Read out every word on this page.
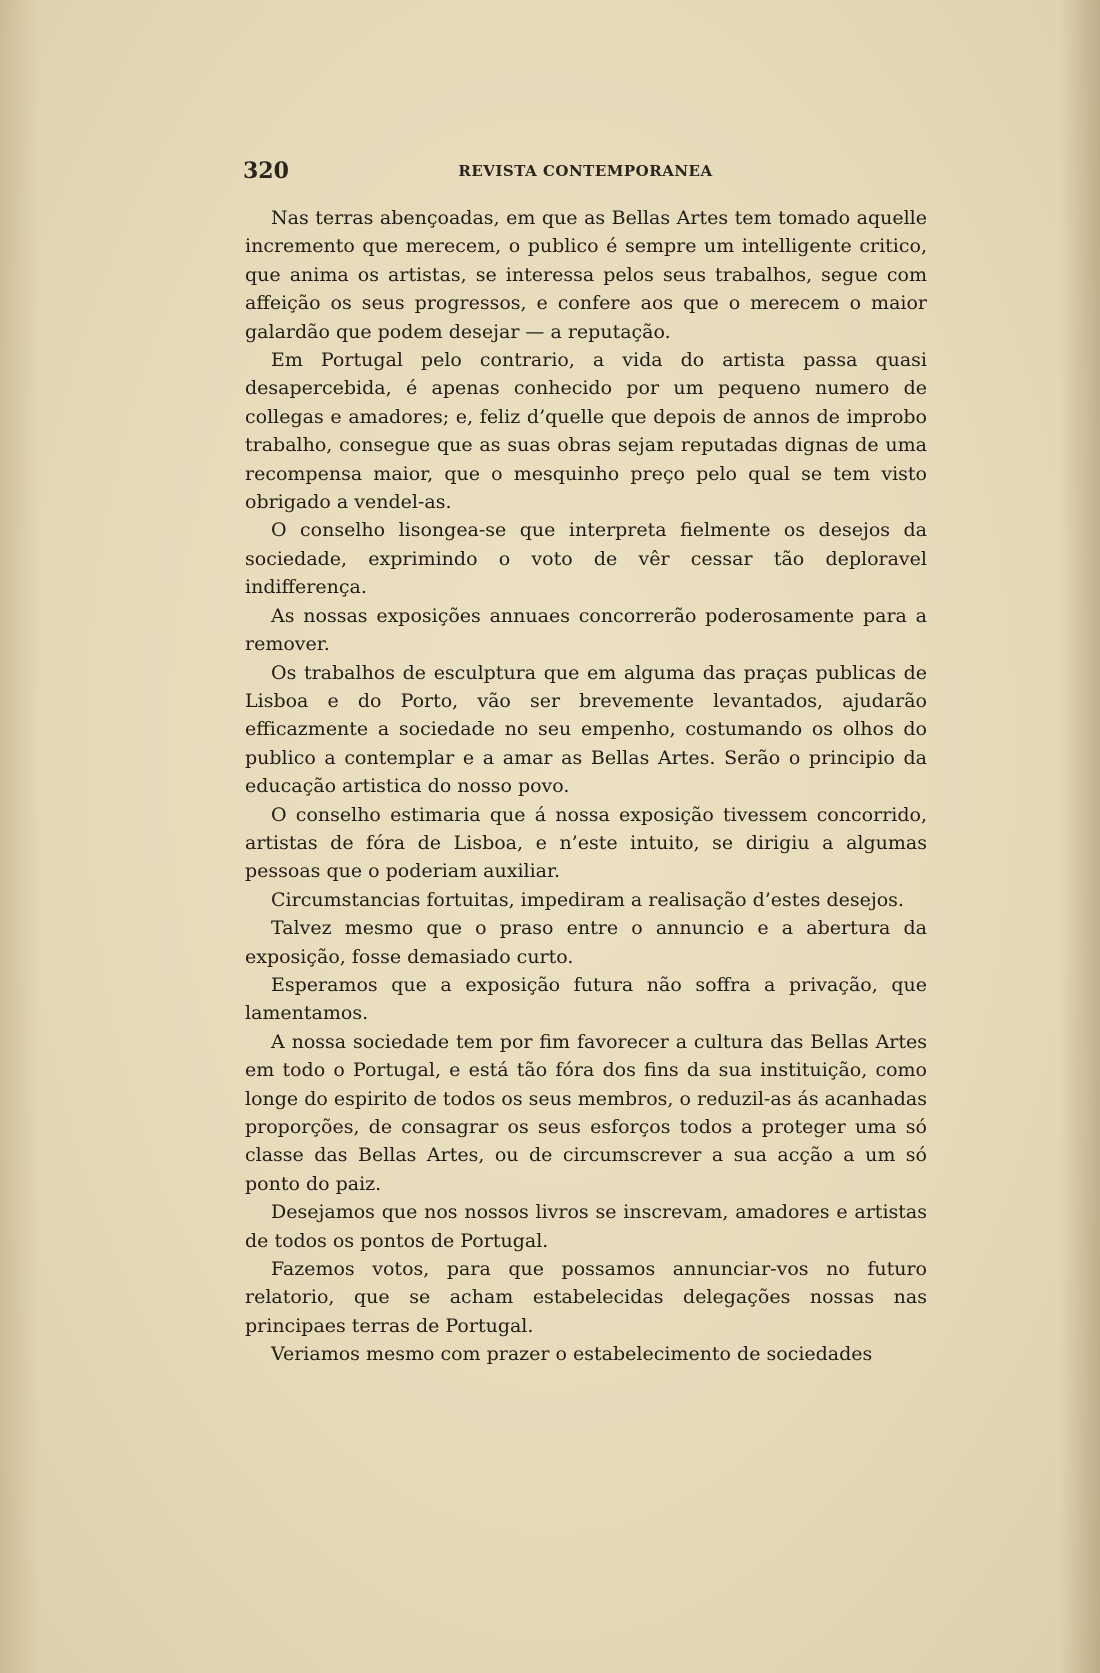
320	REVISTA CONTEMPORANEA

Nas terras abençoadas, em que as Bellas Artes tem tomado aquelle incremento que merecem, o publico é sempre um intelligente critico, que anima os artistas, se interessa pelos seus trabalhos, segue com affeição os seus progressos, e confere aos que o merecem o maior galardão que podem desejar — a reputação.

Em Portugal pelo contrario, a vida do artista passa quasi desapercebida, é apenas conhecido por um pequeno numero de collegas e amadores; e, feliz d’quelle que depois de annos de improbo trabalho, consegue que as suas obras sejam reputadas dignas de uma recompensa maior, que o mesquinho preço pelo qual se tem visto obrigado a vendel-as.

O conselho lisongea-se que interpreta fielmente os desejos da sociedade, exprimindo o voto de vêr cessar tão deploravel indifferença.

As nossas exposições annuaes concorrerão poderosamente para a remover.

Os trabalhos de esculptura que em alguma das praças publicas de Lisboa e do Porto, vão ser brevemente levantados, ajudarão efficazmente a sociedade no seu empenho, costumando os olhos do publico a contemplar e a amar as Bellas Artes. Serão o principio da educação artistica do nosso povo.

O conselho estimaria que á nossa exposição tivessem concorrido, artistas de fóra de Lisboa, e n’este intuito, se dirigiu a algumas pessoas que o poderiam auxiliar.

Circumstancias fortuitas, impediram a realisação d’estes desejos.

Talvez mesmo que o praso entre o annuncio e a abertura da exposição, fosse demasiado curto.

Esperamos que a exposição futura não soffra a privação, que lamentamos.

A nossa sociedade tem por fim favorecer a cultura das Bellas Artes em todo o Portugal, e está tão fóra dos fins da sua instituição, como longe do espirito de todos os seus membros, o reduzil-as ás acanhadas proporções, de consagrar os seus esforços todos a proteger uma só classe das Bellas Artes, ou de circumscrever a sua acção a um só ponto do paiz.

Desejamos que nos nossos livros se inscrevam, amadores e artistas de todos os pontos de Portugal.

Fazemos votos, para que possamos annunciar-vos no futuro relatorio, que se acham estabelecidas delegações nossas nas principaes terras de Portugal.

Veriamos mesmo com prazer o estabelecimento de sociedades
